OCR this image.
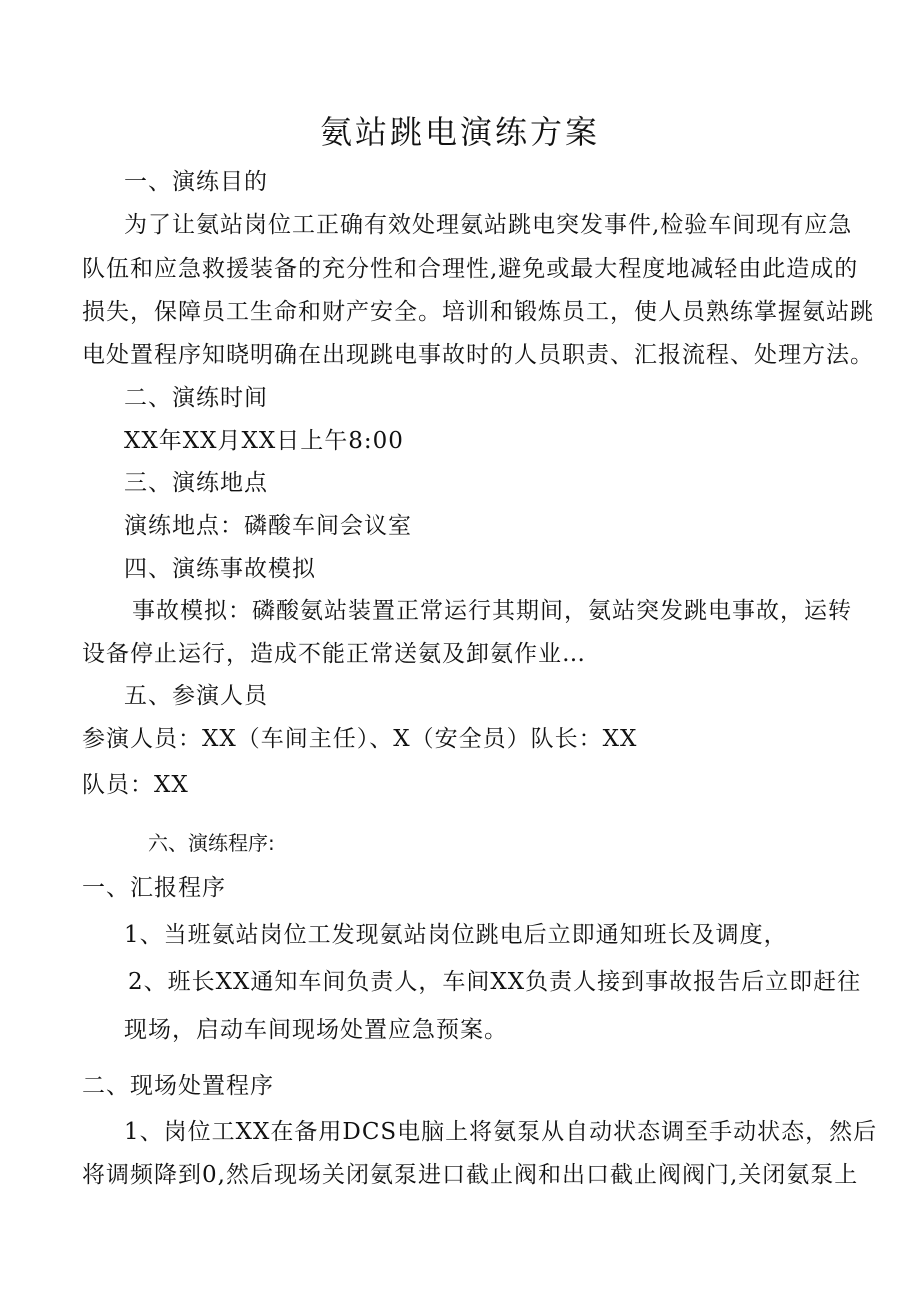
氨站跳电演练方案
一、演练目的
为了让氨站岗位工正确有效处理氨站跳电突发事件,检验车间现有应急
队伍和应急救援装备的充分性和合理性,避免或最大程度地减轻由此造成的
损失，保障员工生命和财产安全。培训和锻炼员工，使人员熟练掌握氨站跳
电处置程序知晓明确在出现跳电事故时的人员职责、汇报流程、处理方法。
二、演练时间
XX年XX月XX日上午8:00
三、演练地点
演练地点：磷酸车间会议室
四、演练事故模拟
事故模拟：磷酸氨站装置正常运行其期间，氨站突发跳电事故，运转
设备停止运行，造成不能正常送氨及卸氨作业…
五、参演人员
参演人员：XX（车间主任）、X（安全员）队长：XX
队员：XX
六、演练程序:
一、汇报程序
1、当班氨站岗位工发现氨站岗位跳电后立即通知班长及调度，
2、班长XX通知车间负责人，车间XX负责人接到事故报告后立即赶往
现场，启动车间现场处置应急预案。
二、现场处置程序
1、岗位工XX在备用DCS电脑上将氨泵从自动状态调至手动状态，然后
将调频降到0,然后现场关闭氨泵进口截止阀和出口截止阀阀门,关闭氨泵上
